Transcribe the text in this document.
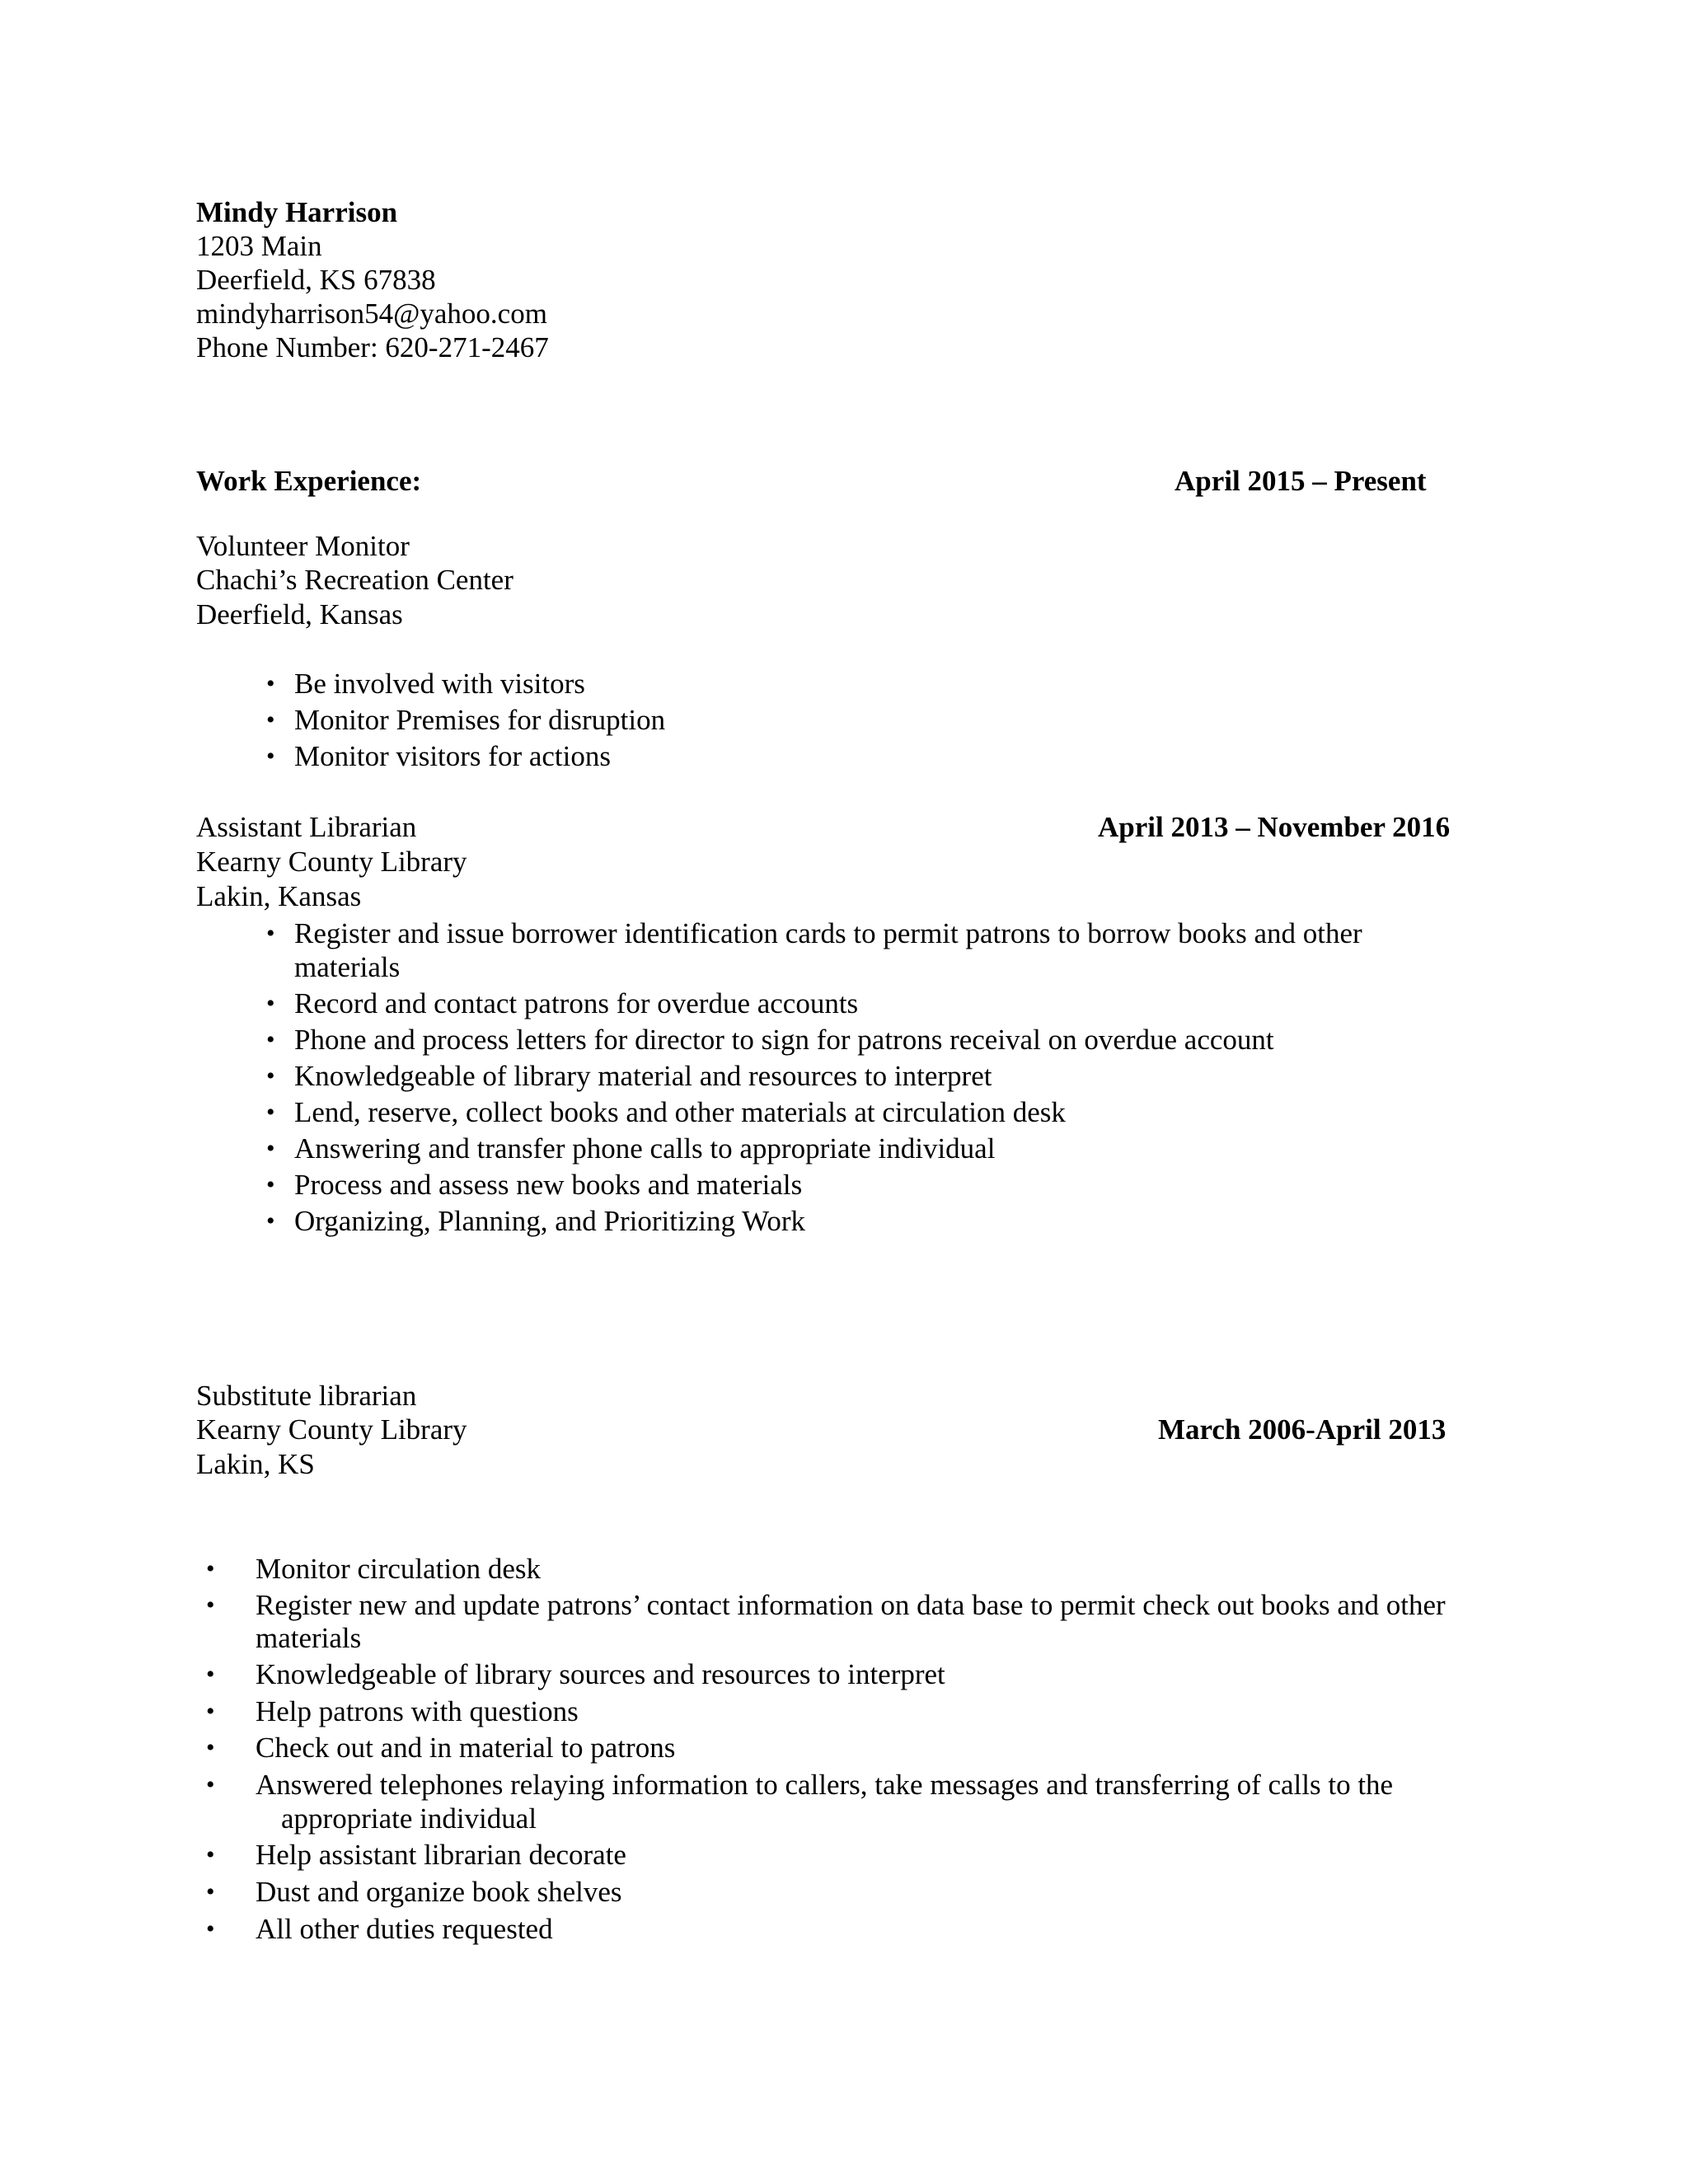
Mindy Harrison
1203 Main
Deerfield, KS 67838
mindyharrison54@yahoo.com
Phone Number: 620-271-2467
Work Experience:	April 2015 – Present
Volunteer Monitor
Chachi’s Recreation Center
Deerfield, Kansas
• Be involved with visitors
• Monitor Premises for disruption
• Monitor visitors for actions
Assistant Librarian	April 2013 – November 2016
Kearny County Library
Lakin, Kansas
• Register and issue borrower identification cards to permit patrons to borrow books and other
materials
• Record and contact patrons for overdue accounts
• Phone and process letters for director to sign for patrons receival on overdue account
• Knowledgeable of library material and resources to interpret
• Lend, reserve, collect books and other materials at circulation desk
• Answering and transfer phone calls to appropriate individual
• Process and assess new books and materials
• Organizing, Planning, and Prioritizing Work
Substitute librarian
Kearny County Library	March 2006-April 2013
Lakin, KS
• Monitor circulation desk
• Register new and update patrons’ contact information on data base to permit check out books and other
materials
• Knowledgeable of library sources and resources to interpret
• Help patrons with questions
• Check out and in material to patrons
• Answered telephones relaying information to callers, take messages and transferring of calls to the
appropriate individual
• Help assistant librarian decorate
• Dust and organize book shelves
• All other duties requested
